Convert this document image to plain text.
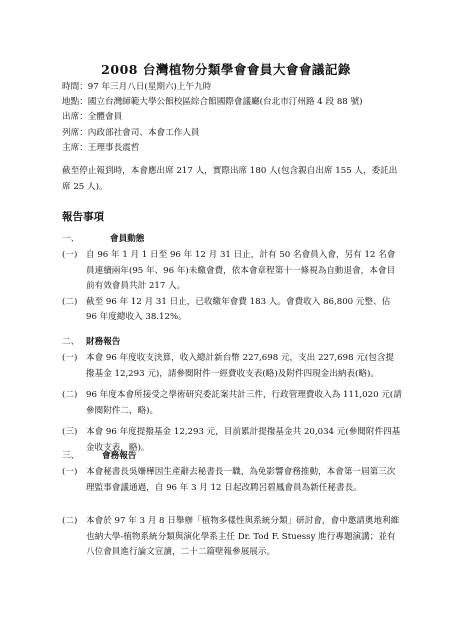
2008 台灣植物分類學會會員大會會議記錄
時間：97 年三月八日(星期六)上午九時
地點：國立台灣師範大學公館校區綜合館國際會議廳(台北市汀州路 4 段 88 號)
出席：全體會員
列席：內政部社會司、本會工作人員
主席：王理事長震哲
截至停止報到時，本會應出席 217 人，實際出席 180 人(包含親自出席 155 人，委託出席 25 人)。
報告事項
一、	會員動態
(一) 自 96 年 1 月 1 日至 96 年 12 月 31 日止，計有 50 名會員入會，另有 12 名會員連續兩年(95 年、96 年)未繳會費，依本會章程第十一條視為自動退會，本會目前有效會員共計 217 人。
(二) 截至 96 年 12 月 31 日止，已收繳年會費 183 人。會費收入 86,800 元整、佔 96 年度總收入 38.12%。
二、 財務報告
(一) 本會 96 年度收支決算，收入總計新台幣 227,698 元，支出 227,698 元(包含提撥基金 12,293 元)，請參閱附件一經費收支表(略)及附件四現金出納表(略)。
(二) 96 年度本會所接受之學術研究委託案共計三件，行政管理費收入為 111,020 元(請參閱附件二，略)。
(三) 本會 96 年度提撥基金 12,293 元，目前累計提撥基金共 20,034 元(參閱附件四基金收支表，略)。
三、	會務報告
(一) 本會秘書長吳姍樺因生產辭去秘書長一職，為免影響會務推動，本會第一屆第三次理監事會議通過，自 96 年 3 月 12 日起改聘呂碧鳳會員為新任秘書長。
(二) 本會於 97 年 3 月 8 日舉辦「植物多樣性與系統分類」研討會，會中邀請奧地利維也納大學-植物系統分類與演化學系主任 Dr. Tod F. Stuessy 進行專題演講；並有八位會員進行論文宣讀，二十二篇壁報參展展示。
